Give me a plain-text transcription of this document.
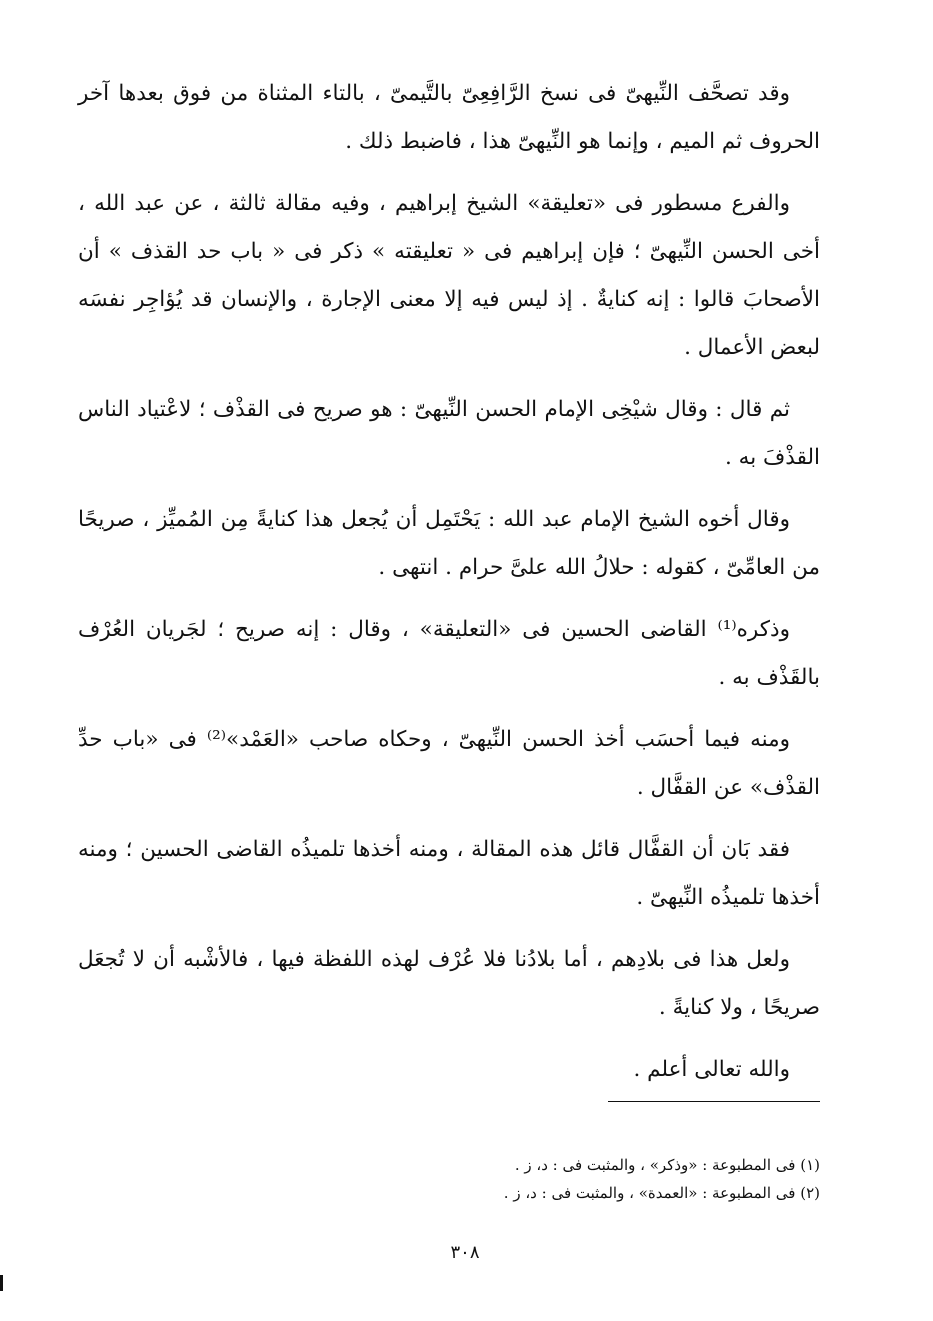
وقد تصحَّف النِّيهىّ فى نسخ الرَّافِعِىّ بالتَّيمىّ ، بالتاء المثناة من فوق بعدها آخر الحروف ثم الميم ، وإنما هو النِّيهىّ هذا ، فاضبط ذلك .

والفرع مسطور فى «تعليقة» الشيخ إبراهيم ، وفيه مقالة ثالثة ، عن عبد الله ، أخى الحسن النِّيهىّ ؛ فإن إبراهيم فى « تعليقته » ذكر فى « باب حد القذف » أن الأصحابَ قالوا : إنه كنايةٌ . إذ ليس فيه إلا معنى الإجارة ، والإنسان قد يُؤاجِر نفسَه لبعض الأعمال .

ثم قال : وقال شيْخِى الإمام الحسن النِّيهىّ : هو صريح فى القذْف ؛ لاعْتياد الناس القذْفَ به .

وقال أخوه الشيخ الإمام عبد الله : يَحْتَمِل أن يُجعل هذا كنايةً مِن المُميِّز ، صريحًا من العامِّىّ ، كقوله : حلالُ الله علىَّ حرام . انتهى .

وذكره⁽¹⁾ القاضى الحسين فى «التعليقة» ، وقال : إنه صريح ؛ لجَريان العُرْف بالقَذْف به .

ومنه فيما أحسَب أخذ الحسن النِّيهىّ ، وحكاه صاحب «العَمْد»⁽²⁾ فى «باب حدِّ القذْف» عن القفَّال .

فقد بَان أن القفَّال قائل هذه المقالة ، ومنه أخذها تلميذُه القاضى الحسين ؛ ومنه أخذها تلميذُه النِّيهىّ .

ولعل هذا فى بلادِهم ، أما بلادُنا فلا عُرْف لهذه اللفظة فيها ، فالأشْبه أن لا تُجعَل صريحًا ، ولا كنايةً .

والله تعالى أعلم .

(١) فى المطبوعة : «وذكر» ، والمثبت فى : د، ز .

(٢) فى المطبوعة : «العمدة» ، والمثبت فى : د، ز .

٣٠٨
